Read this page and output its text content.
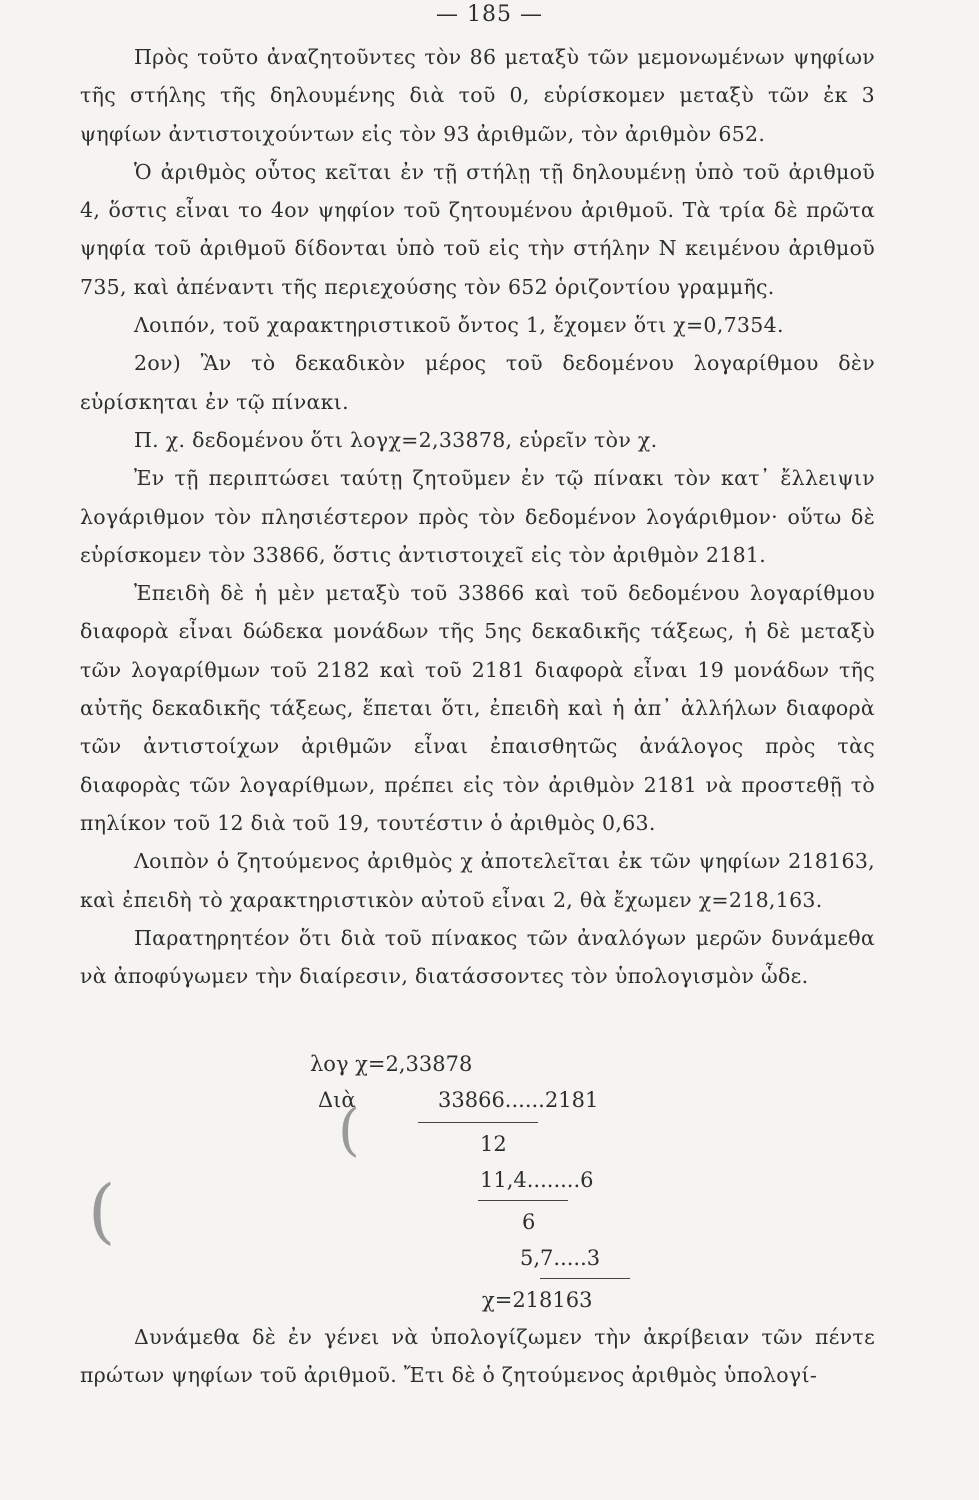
— 185 —

Πρὸς τοῦτο ἀναζητοῦντες τὸν 86 μεταξὺ τῶν μεμονωμένων ψηφίων τῆς στήλης τῆς δηλουμένης διὰ τοῦ 0, εὑρίσκομεν μεταξὺ τῶν ἐκ 3 ψηφίων ἀντιστοιχούντων εἰς τὸν 93 ἀριθμῶν, τὸν ἀριθμὸν 652.

Ὁ ἀριθμὸς οὗτος κεῖται ἐν τῇ στήλῃ τῇ δηλουμένῃ ὑπὸ τοῦ ἀριθμοῦ 4, ὅστις εἶναι το 4ον ψηφίον τοῦ ζητουμένου ἀριθμοῦ. Τὰ τρία δὲ πρῶτα ψηφία τοῦ ἀριθμοῦ δίδονται ὑπὸ τοῦ εἰς τὴν στήλην N κειμένου ἀριθμοῦ 735, καὶ ἀπέναντι τῆς περιεχούσης τὸν 652 ὁριζοντίου γραμμῆς.

Λοιπόν, τοῦ χαρακτηριστικοῦ ὄντος 1, ἔχομεν ὅτι χ=0,7354.

2ον) Ἂν τὸ δεκαδικὸν μέρος τοῦ δεδομένου λογαρίθμου δὲν εὑρίσκηται ἐν τῷ πίνακι.

Π. χ. δεδομένου ὅτι λογχ=2,33878, εὑρεῖν τὸν χ.

Ἐν τῇ περιπτώσει ταύτῃ ζητοῦμεν ἐν τῷ πίνακι τὸν κατ᾽ ἔλλειψιν λογάριθμον τὸν πλησιέστερον πρὸς τὸν δεδομένον λογάριθμον· οὕτω δὲ εὑρίσκομεν τὸν 33866, ὅστις ἀντιστοιχεῖ εἰς τὸν ἀριθμὸν 2181.

Ἐπειδὴ δὲ ἡ μὲν μεταξὺ τοῦ 33866 καὶ τοῦ δεδομένου λογαρίθμου διαφορὰ εἶναι δώδεκα μονάδων τῆς 5ης δεκαδικῆς τάξεως, ἡ δὲ μεταξὺ τῶν λογαρίθμων τοῦ 2182 καὶ τοῦ 2181 διαφορὰ εἶναι 19 μονάδων τῆς αὐτῆς δεκαδικῆς τάξεως, ἕπεται ὅτι, ἐπειδὴ καὶ ἡ ἀπ᾽ ἀλλήλων διαφορὰ τῶν ἀντιστοίχων ἀριθμῶν εἶναι ἐπαισθητῶς ἀνάλογος πρὸς τὰς διαφορὰς τῶν λογαρίθμων, πρέπει εἰς τὸν ἀριθμὸν 2181 νὰ προστεθῇ τὸ πηλίκον τοῦ 12 διὰ τοῦ 19, τουτέστιν ὁ ἀριθμὸς 0,63.

Λοιπὸν ὁ ζητούμενος ἀριθμὸς χ ἀποτελεῖται ἐκ τῶν ψηφίων 218163, καὶ ἐπειδὴ τὸ χαρακτηριστικὸν αὐτοῦ εἶναι 2, θὰ ἔχωμεν χ=218,163.

Παρατηρητέον ὅτι διὰ τοῦ πίνακος τῶν ἀναλόγων μερῶν δυνάμεθα νὰ ἀποφύγωμεν τὴν διαίρεσιν, διατάσσοντες τὸν ὑπολογισμὸν ὧδε.

λογ χ=2,33878
Διὰ	33866......2181
12
11,4........6
6
5,7.....3
χ=218163
(
(

Δυνάμεθα δὲ ἐν γένει νὰ ὑπολογίζωμεν τὴν ἀκρίβειαν τῶν πέντε πρώτων ψηφίων τοῦ ἀριθμοῦ. Ἔτι δὲ ὁ ζητούμενος ἀριθμὸς ὑπολογί-
